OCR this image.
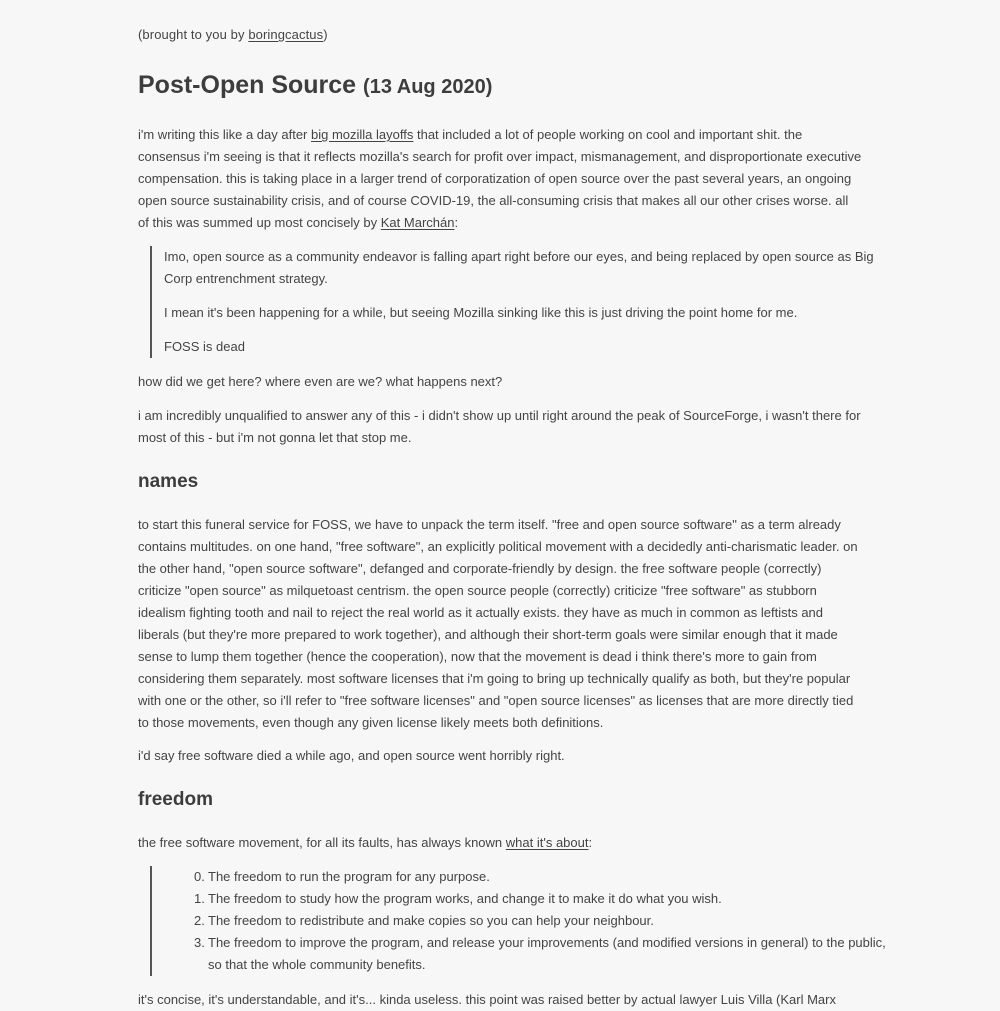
(brought to you by boringcactus)

Post-Open Source (13 Aug 2020)

i'm writing this like a day after big mozilla layoffs that included a lot of people working on cool and important shit. the consensus i'm seeing is that it reflects mozilla's search for profit over impact, mismanagement, and disproportionate executive compensation. this is taking place in a larger trend of corporatization of open source over the past several years, an ongoing open source sustainability crisis, and of course COVID-19, the all-consuming crisis that makes all our other crises worse. all of this was summed up most concisely by Kat Marchán:

Imo, open source as a community endeavor is falling apart right before our eyes, and being replaced by open source as Big Corp entrenchment strategy.

I mean it's been happening for a while, but seeing Mozilla sinking like this is just driving the point home for me.

FOSS is dead

how did we get here? where even are we? what happens next?

i am incredibly unqualified to answer any of this - i didn't show up until right around the peak of SourceForge, i wasn't there for most of this - but i'm not gonna let that stop me.

names

to start this funeral service for FOSS, we have to unpack the term itself. "free and open source software" as a term already contains multitudes. on one hand, "free software", an explicitly political movement with a decidedly anti-charismatic leader. on the other hand, "open source software", defanged and corporate-friendly by design. the free software people (correctly) criticize "open source" as milquetoast centrism. the open source people (correctly) criticize "free software" as stubborn idealism fighting tooth and nail to reject the real world as it actually exists. they have as much in common as leftists and liberals (but they're more prepared to work together), and although their short-term goals were similar enough that it made sense to lump them together (hence the cooperation), now that the movement is dead i think there's more to gain from considering them separately. most software licenses that i'm going to bring up technically qualify as both, but they're popular with one or the other, so i'll refer to "free software licenses" and "open source licenses" as licenses that are more directly tied to those movements, even though any given license likely meets both definitions.

i'd say free software died a while ago, and open source went horribly right.

freedom

the free software movement, for all its faults, has always known what it's about:

The freedom to run the program for any purpose.
The freedom to study how the program works, and change it to make it do what you wish.
The freedom to redistribute and make copies so you can help your neighbour.
The freedom to improve the program, and release your improvements (and modified versions in general) to the public, so that the whole community benefits.

it's concise, it's understandable, and it's... kinda useless. this point was raised better by actual lawyer Luis Villa (Karl Marx
